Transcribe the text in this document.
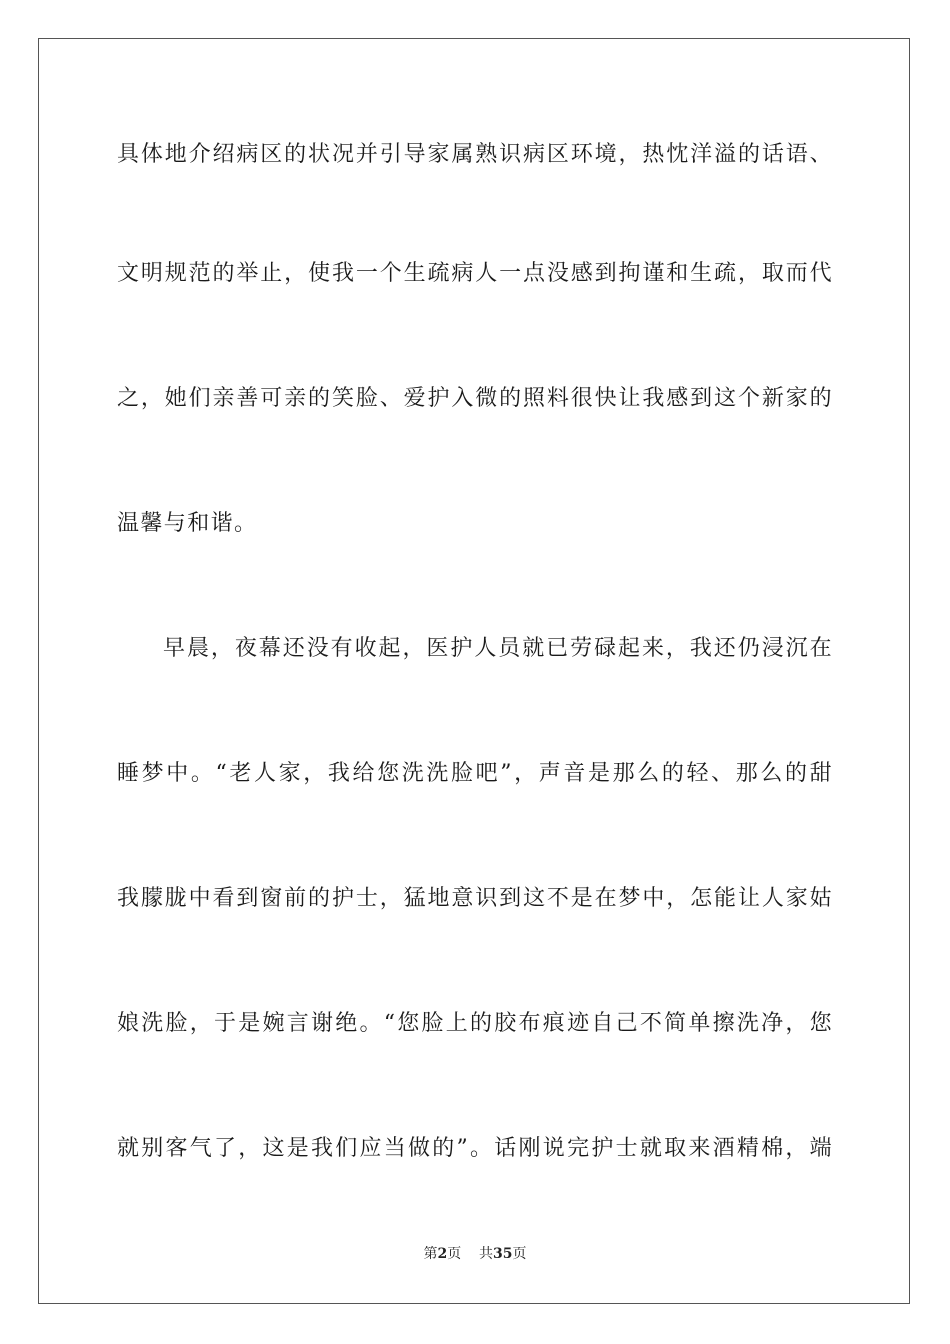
具体地介绍病区的状况并引导家属熟识病区环境，热忱洋溢的话语、
文明规范的举止，使我一个生疏病人一点没感到拘谨和生疏，取而代
之，她们亲善可亲的笑脸、爱护入微的照料很快让我感到这个新家的
温馨与和谐。
早晨，夜幕还没有收起，医护人员就已劳碌起来，我还仍浸沉在
睡梦中。“老人家，我给您洗洗脸吧”，声音是那么的轻、那么的甜
我朦胧中看到窗前的护士，猛地意识到这不是在梦中，怎能让人家姑
娘洗脸，于是婉言谢绝。“您脸上的胶布痕迹自己不简单擦洗净，您
就别客气了，这是我们应当做的”。话刚说完护士就取来酒精棉，端
第2页 共35页
